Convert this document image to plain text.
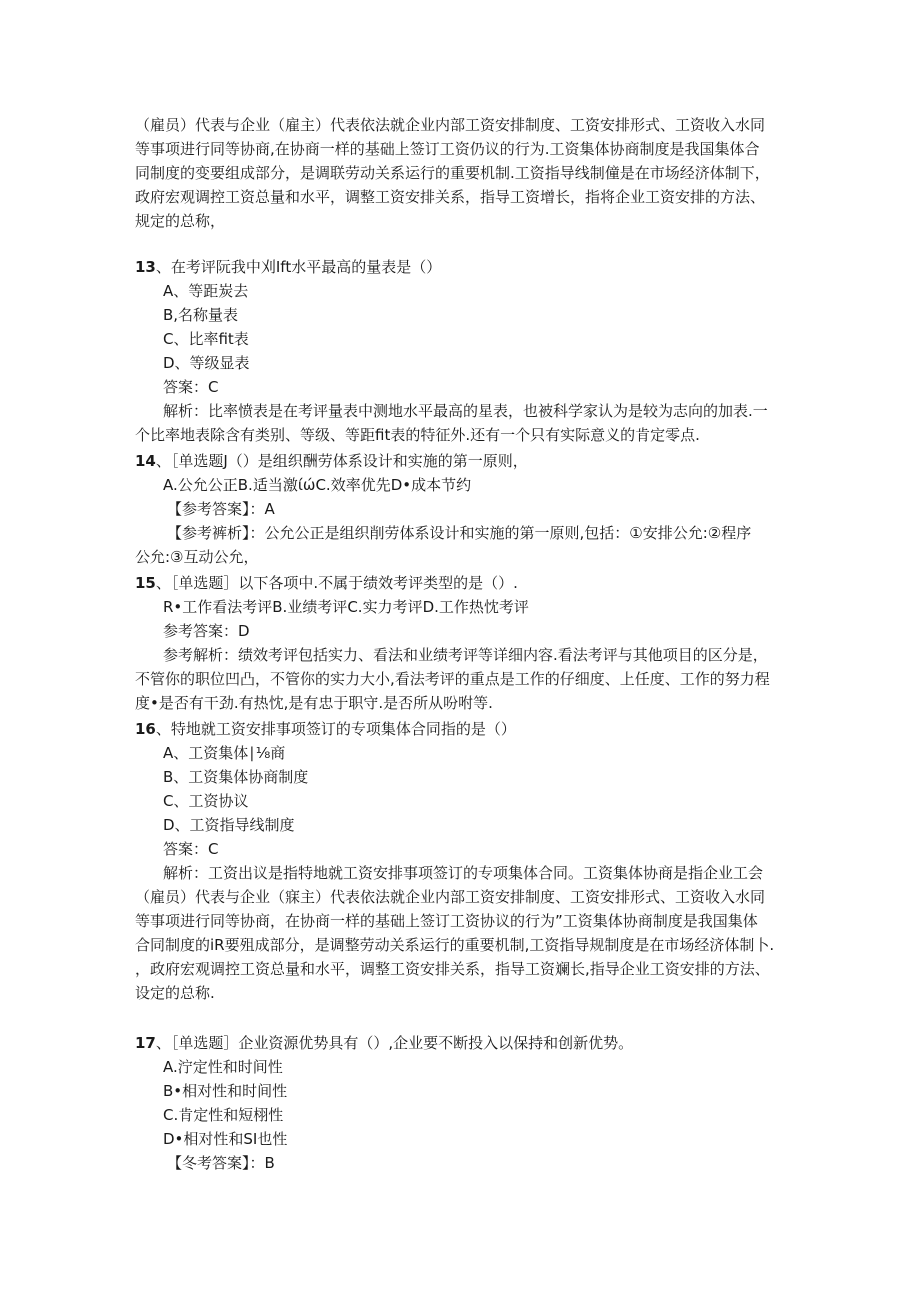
（雇员）代表与企业（雇主）代表依法就企业内部工资安排制度、工资安排形式、工资收入水同
等事项进行同等协商,在协商一样的基础上签订工资仍议的行为.工资集体协商制度是我国集体合
同制度的变要组成部分，是调联劳动关系运行的重要机制.工资指导线制僮是在市场经济体制下，
政府宏观调控工资总量和水平，调整工资安排关系，指导工资增长，指将企业工资安排的方法、
规定的总称，
13、在考评阮我中刈Ift水平最高的量表是（）
A、等距炭去
B,名称量表
C、比率fit表
D、等级显表
答案：C
解析：比率愤表是在考评量表中测地水平最高的星表，也被科学家认为是较为志向的加表.一
个比率地表除含有类别、等级、等距fit表的特征外.还有一个只有实际意义的肯定零点.
14、［单选题J（）是组织酬劳体系设计和实施的第一原则，
A.公允公正B.适当激ίώC.效率优先D•成本节约
【参考答案】：A
【参考裤析】：公允公正是组织削劳体系设计和实施的第一原则,包括：①安排公允:②程序
公允:③互动公允，
15、［单选题］以下各项中.不属于绩效考评类型的是（）.
R•工作看法考评B.业绩考评C.实力考评D.工作热忱考评
参考答案：D
参考解析：绩效考评包括实力、看法和业绩考评等详细内容.看法考评与其他项目的区分是，
不管你的职位凹凸，不管你的实力大小,看法考评的重点是工作的仔细度、上任度、工作的努力程
度•是否有干劲.有热忱,是有忠于职守.是否所从吩咐等.
16、特地就工资安排事项签订的专项集体合同指的是（）
A、工资集体∣⅛商
B、工资集体协商制度
C、工资协议
D、工资指导线制度
答案：C
解析：工资出议是指特地就工资安排事项签订的专项集体合同。工资集体协商是指企业工会
（雇员）代表与企业（寐主）代表依法就企业内部工资安排制度、工资安排形式、工资收入水同
等事项进行同等协商，在协商一样的基础上签订工资协议的行为”工资集体协商制度是我国集体
合同制度的iR要殂成部分，是调整劳动关系运行的重要机制,工资指导规制度是在市场经济体制卜.
，政府宏观调控工资总量和水平，调整工资安排关系，指导工资斓长,指导企业工资安排的方法、
设定的总称.
17、［单选题］企业资源优势具有（）,企业要不断投入以保持和创新优势。
A.泞定性和时间性
B•相对性和时间性
C.肯定性和短栩性
D•相对性和SI也性
【冬考答案】：B
